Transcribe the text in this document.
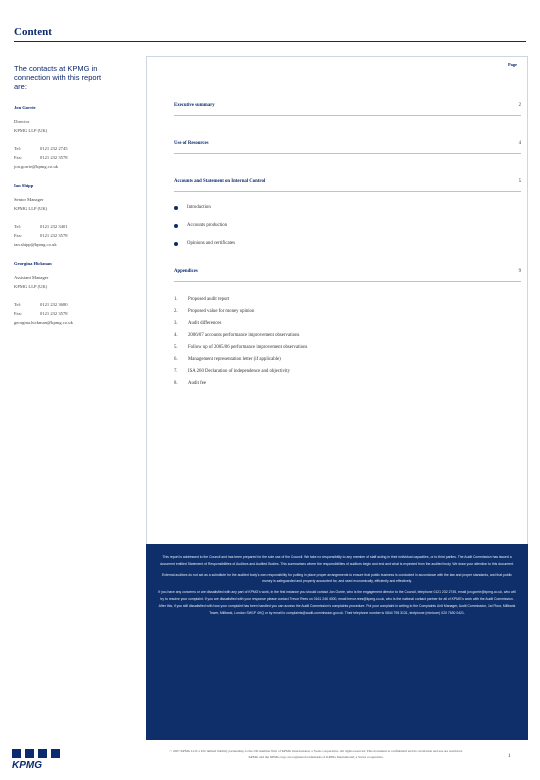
Content
The contacts at KPMG in connection with this report are:
Jon Gorrie
Director
KPMG LLP (UK)
Tel:	0121 232 2745
Fax:	0121 232 3578
jon.gorrie@kpmg.co.uk
Ian Shipp
Senior Manager
KPMG LLP (UK)
Tel:	0121 232 3401
Fax:	0121 232 3578
ian.shipp@kpmg.co.uk
Georgina Hickman
Assistant Manager
KPMG LLP (UK)
Tel:	0121 232 3680
Fax:	0121 232 3578
georgina.hickman@kpmg.co.uk
Page
Executive summary	2
Use of Resources	4
Accounts and Statement on Internal Control	5
Introduction
Accounts production
Opinions and certificates
Appendices	9
1.	Proposed audit report
2.	Proposed value for money opinion
3.	Audit differences
4.	2006/07 accounts performance improvement observations
5.	Follow up of 2005/06 performance improvement observations
6.	Management representation letter (if applicable)
7.	ISA 260 Declaration of independence and objectivity
8.	Audit fee

This report is addressed to the Council and has been prepared for the sole use of the Council. We take no responsibility to any member of staff acting in their individual capacities, or to third parties. The Audit Commission has issued a document entitled Statement of Responsibilities of Auditors and Audited Bodies. This summarises where the responsibilities of auditors begin and end and what is expected from the audited body. We draw your attention to this document.

External auditors do not act as a substitute for the audited body's own responsibility for putting in place proper arrangements to ensure that public business is conducted in accordance with the law and proper standards, and that public money is safeguarded and properly accounted for, and used economically, efficiently and effectively.

If you have any concerns or are dissatisfied with any part of KPMG's work, in the first instance you should contact Jon Gorrie, who is the engagement director to the Council, telephone 0121 232 2745, email jon.gorrie@kpmg.co.uk, who will try to resolve your complaint. If you are dissatisfied with your response please contact Trevor Rees on 0161 246 4000, email trevor.rees@kpmg.co.uk, who is the national contact partner for all of KPMG's work with the Audit Commission. After this, if you still dissatisfied with how your complaint has been handled you can access the Audit Commission's complaints procedure. Put your complaint in writing to the Complaints Unit Manager, Audit Commission, 1st Floor, Millbank Tower, Millbank, London SW1P 4HQ or by email to complaints@audit-commission.gov.uk. Their telephone number is 0844 798 3131, textphone (minicom) 020 7630 0421.

KPMG
© 2007 KPMG LLP, a UK limited liability partnership, is the UK member firm of KPMG International, a Swiss cooperative. All rights reserved. This document is confidential and its circulation and use are restricted.
KPMG and the KPMG logo are registered trademarks of KPMG International, a Swiss cooperative.	1
